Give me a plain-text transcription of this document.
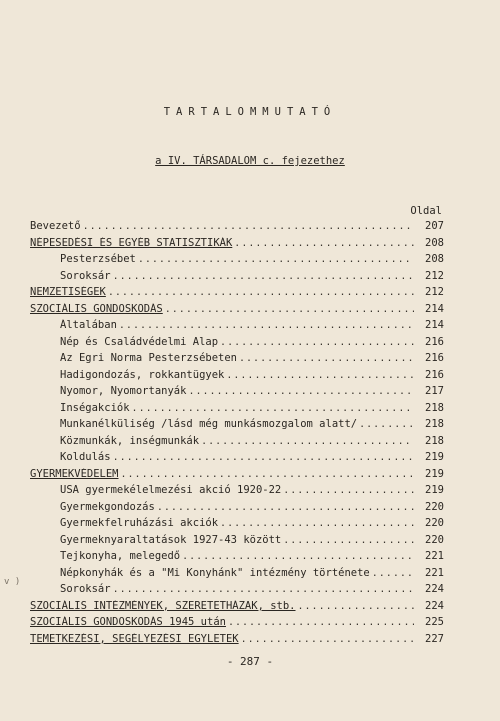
TARTALOMMUTATÓ
a IV. TÁRSADALOM c. fejezethez
Oldal
Bevezető .....	207
NÉPESEDÉSI ÉS EGYÉB STATISZTIKÁK .....	208
Pesterzsébet .....	208
Soroksár .....	212
NEMZETISÉGEK .....	212
SZOCIÁLIS GONDOSKODÁS .....	214
Általában .....	214
Nép és Családvédelmi Alap .....	216
Az Egri Norma Pesterzsébeten .....	216
Hadigondozás, rokkantügyek .....	216
Nyomor, Nyomortanyák .....	217
Inségakciók .....	218
Munkanélküliség /lásd még munkásmozgalom alatt/ .....	218
Közmunkák, inségmunkák .....	218
Koldulás .....	219
GYERMEKVÉDELEM .....	219
USA gyermekélelmezési akció 1920-22 .....	219
Gyermekgondozás .....	220
Gyermekfelruházási akciók .....	220
Gyermeknyaraltatások 1927-43 között .....	220
Tejkonyha, melegedő .....	221
Népkonyhák és a "Mi Konyhánk" intézmény története .....	221
Soroksár .....	224
SZOCIÁLIS INTÉZMÉNYEK, SZERETETHÁZAK, stb. .....	224
SZOCIÁLIS GONDOSKODÁS 1945 után .....	225
TEMETKEZÉSI, SEGÉLYEZÉSI EGYLETEK .....	227
v )
- 287 -
